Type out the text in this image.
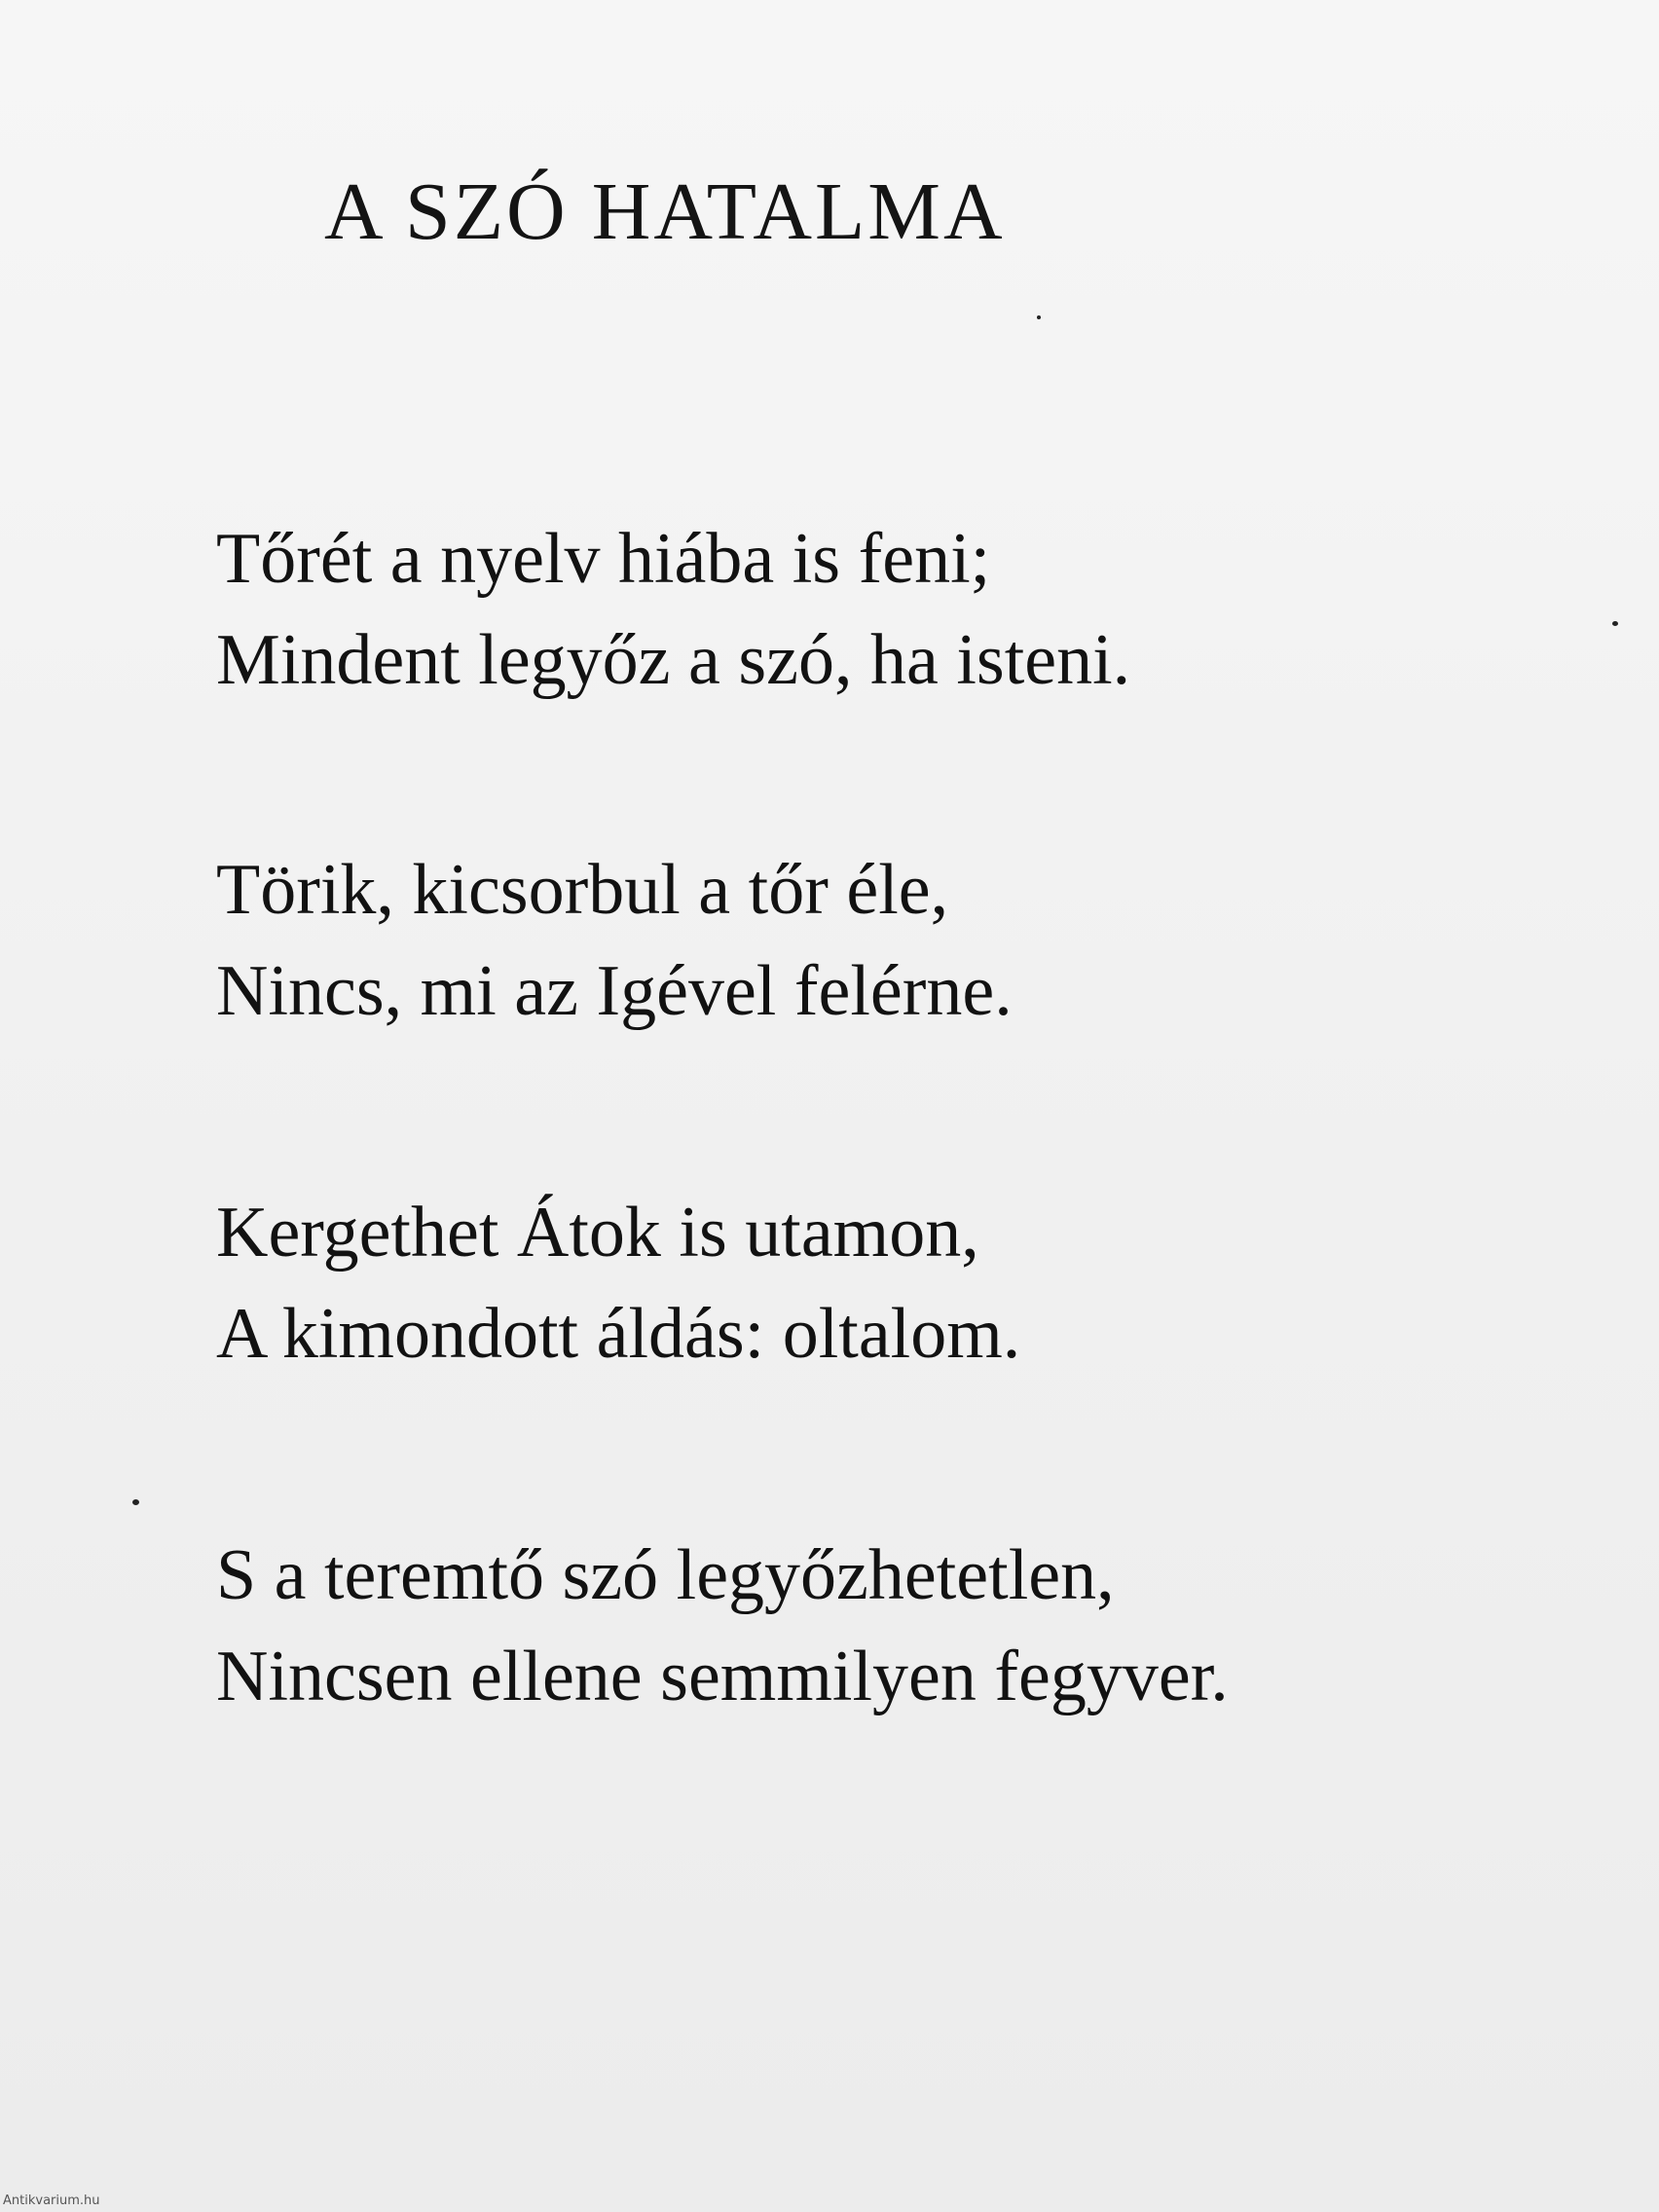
A SZÓ HATALMA
Tőrét a nyelv hiába is feni;
Mindent legyőz a szó, ha isteni.
Törik, kicsorbul a tőr éle,
Nincs, mi az Igével felérne.
Kergethet Átok is utamon,
A kimondott áldás: oltalom.
S a teremtő szó legyőzhetetlen,
Nincsen ellene semmilyen fegyver.
Antikvarium.hu
